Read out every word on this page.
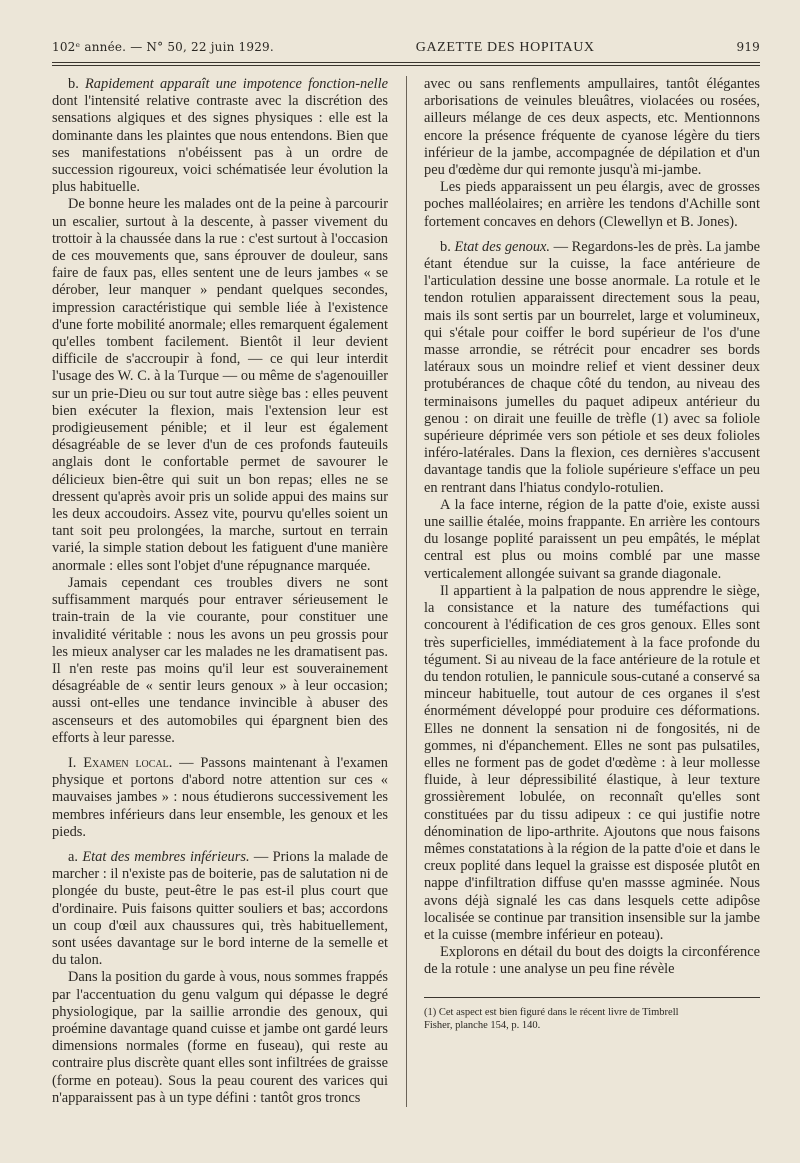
102ᵉ année. — N° 50, 22 juin 1929.	GAZETTE DES HOPITAUX	919

b. Rapidement apparaît une impotence fonction-nelle dont l'intensité relative contraste avec la discrétion des sensations algiques et des signes physiques : elle est la dominante dans les plaintes que nous entendons. Bien que ses manifestations n'obéissent pas à un ordre de succession rigoureux, voici schématisée leur évolution la plus habituelle.

De bonne heure les malades ont de la peine à parcourir un escalier, surtout à la descente, à passer vivement du trottoir à la chaussée dans la rue : c'est surtout à l'occasion de ces mouvements que, sans éprouver de douleur, sans faire de faux pas, elles sentent une de leurs jambes « se dérober, leur manquer » pendant quelques secondes, impression caractéristique qui semble liée à l'existence d'une forte mobilité anormale; elles remarquent également qu'elles tombent facilement. Bientôt il leur devient difficile de s'accroupir à fond, — ce qui leur interdit l'usage des W. C. à la Turque — ou même de s'agenouiller sur un prie-Dieu ou sur tout autre siège bas : elles peuvent bien exécuter la flexion, mais l'extension leur est prodigieusement pénible; et il leur est également désagréable de se lever d'un de ces profonds fauteuils anglais dont le confortable permet de savourer le délicieux bien-être qui suit un bon repas; elles ne se dressent qu'après avoir pris un solide appui des mains sur les deux accoudoirs. Assez vite, pourvu qu'elles soient un tant soit peu prolongées, la marche, surtout en terrain varié, la simple station debout les fatiguent d'une manière anormale : elles sont l'objet d'une répugnance marquée.

Jamais cependant ces troubles divers ne sont suffisamment marqués pour entraver sérieusement le train-train de la vie courante, pour constituer une invalidité véritable : nous les avons un peu grossis pour les mieux analyser car les malades ne les dramatisent pas. Il n'en reste pas moins qu'il leur est souverainement désagréable de « sentir leurs genoux » à leur occasion; aussi ont-elles une tendance invincible à abuser des ascenseurs et des automobiles qui épargnent bien des efforts à leur paresse.

I. Examen local. — Passons maintenant à l'examen physique et portons d'abord notre attention sur ces « mauvaises jambes » : nous étudierons successivement les membres inférieurs dans leur ensemble, les genoux et les pieds.

a. Etat des membres inférieurs. — Prions la malade de marcher : il n'existe pas de boiterie, pas de salutation ni de plongée du buste, peut-être le pas est-il plus court que d'ordinaire. Puis faisons quitter souliers et bas; accordons un coup d'œil aux chaussures qui, très habituellement, sont usées davantage sur le bord interne de la semelle et du talon.

Dans la position du garde à vous, nous sommes frappés par l'accentuation du genu valgum qui dépasse le degré physiologique, par la saillie arrondie des genoux, qui proémine davantage quand cuisse et jambe ont gardé leurs dimensions normales (forme en fuseau), qui reste au contraire plus discrète quant elles sont infiltrées de graisse (forme en poteau). Sous la peau courent des varices qui n'apparaissent pas à un type défini : tantôt gros troncs

avec ou sans renflements ampullaires, tantôt élégantes arborisations de veinules bleuâtres, violacées ou rosées, ailleurs mélange de ces deux aspects, etc. Mentionnons encore la présence fréquente de cyanose légère du tiers inférieur de la jambe, accompagnée de dépilation et d'un peu d'œdème dur qui remonte jusqu'à mi-jambe.

Les pieds apparaissent un peu élargis, avec de grosses poches malléolaires; en arrière les tendons d'Achille sont fortement concaves en dehors (Clewellyn et B. Jones).

b. Etat des genoux. — Regardons-les de près. La jambe étant étendue sur la cuisse, la face antérieure de l'articulation dessine une bosse anormale. La rotule et le tendon rotulien apparaissent directement sous la peau, mais ils sont sertis par un bourrelet, large et volumineux, qui s'étale pour coiffer le bord supérieur de l'os d'une masse arrondie, se rétrécit pour encadrer ses bords latéraux sous un moindre relief et vient dessiner deux protubérances de chaque côté du tendon, au niveau des terminaisons jumelles du paquet adipeux antérieur du genou : on dirait une feuille de trèfle (1) avec sa foliole supérieure déprimée vers son pétiole et ses deux folioles inféro-latérales. Dans la flexion, ces dernières s'accusent davantage tandis que la foliole supérieure s'efface un peu en rentrant dans l'hiatus condylo-rotulien.

A la face interne, région de la patte d'oie, existe aussi une saillie étalée, moins frappante. En arrière les contours du losange poplité paraissent un peu empâtés, le méplat central est plus ou moins comblé par une masse verticalement allongée suivant sa grande diagonale.

Il appartient à la palpation de nous apprendre le siège, la consistance et la nature des tuméfactions qui concourent à l'édification de ces gros genoux. Elles sont très superficielles, immédiatement à la face profonde du tégument. Si au niveau de la face antérieure de la rotule et du tendon rotulien, le pannicule sous-cutané a conservé sa minceur habituelle, tout autour de ces organes il s'est énormément développé pour produire ces déformations. Elles ne donnent la sensation ni de fongosités, ni de gommes, ni d'épanchement. Elles ne sont pas pulsatiles, elles ne forment pas de godet d'œdème : à leur mollesse fluide, à leur dépressibilité élastique, à leur texture grossièrement lobulée, on reconnaît qu'elles sont constituées par du tissu adipeux : ce qui justifie notre dénomination de lipo-arthrite. Ajoutons que nous faisons mêmes constatations à la région de la patte d'oie et dans le creux poplité dans lequel la graisse est disposée plutôt en nappe d'infiltration diffuse qu'en massse agminée. Nous avons déjà signalé les cas dans lesquels cette adipôse localisée se continue par transition insensible sur la jambe et la cuisse (membre inférieur en poteau).

Explorons en détail du bout des doigts la circonférence de la rotule : une analyse un peu fine révèle

(1) Cet aspect est bien figuré dans le récent livre de Timbrell
Fisher, planche 154, p. 140.
